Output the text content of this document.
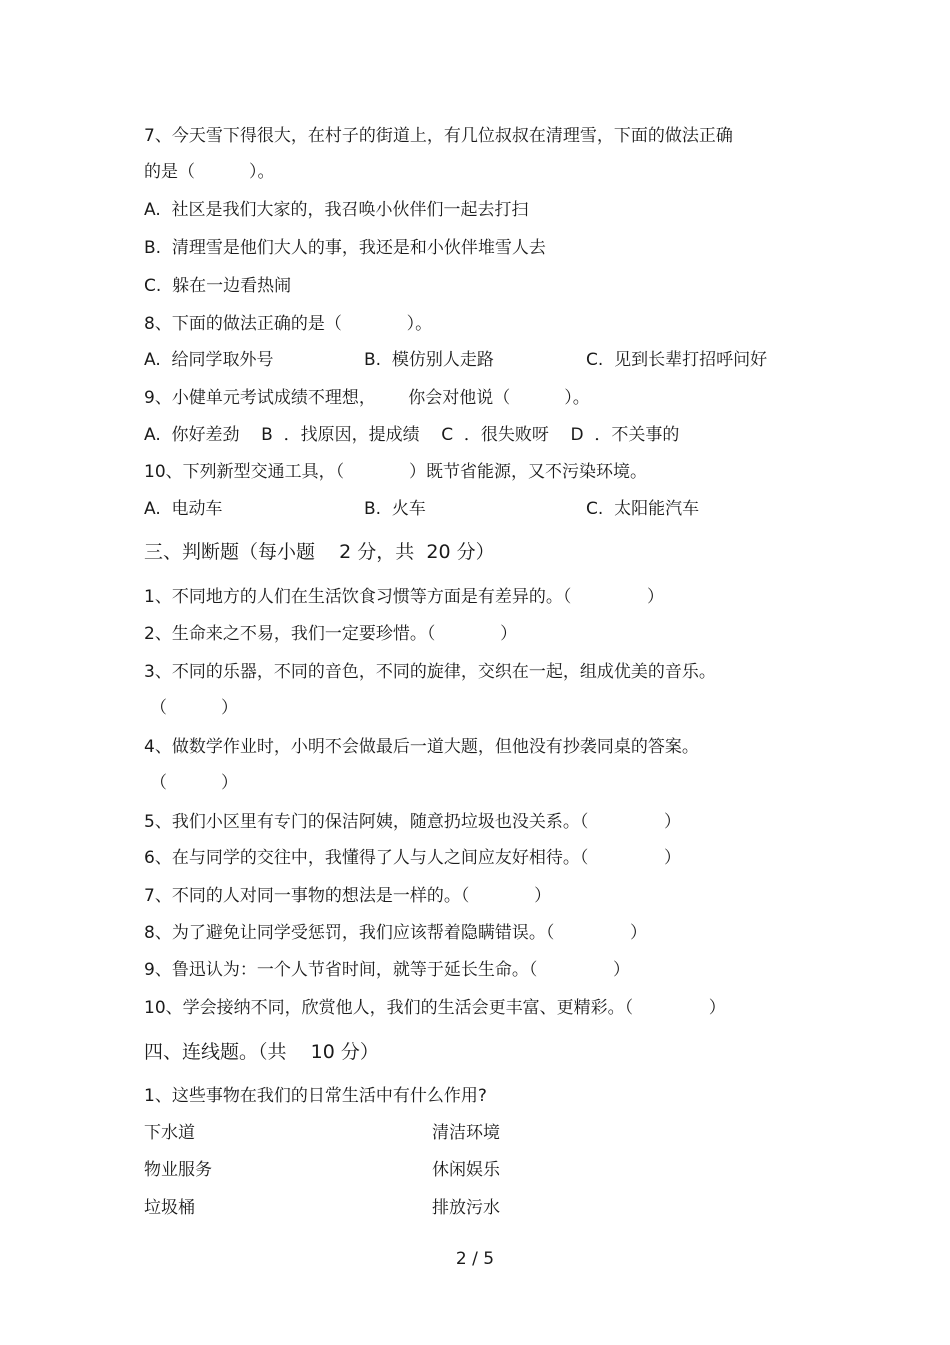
7、今天雪下得很大，在村子的街道上，有几位叔叔在清理雪，下面的做法正确
的是（          ）。
A.  社区是我们大家的，我召唤小伙伴们一起去打扫
B.  清理雪是他们大人的事，我还是和小伙伴堆雪人去
C.  躲在一边看热闹
8、下面的做法正确的是（            ）。
A.  给同学取外号	B.  模仿别人走路	C.  见到长辈打招呼问好
9、小健单元考试成绩不理想，      你会对他说（          ）。
A.  你好差劲    B  ．找原因，提成绩    C  ．很失败呀    D  ．不关事的
10、下列新型交通工具，（            ）既节省能源，又不污染环境。
A.  电动车	B.  火车	C.  太阳能汽车
三、判断题（每小题    2 分，共  20 分）
1、不同地方的人们在生活饮食习惯等方面是有差异的。（              ）
2、生命来之不易，我们一定要珍惜。（            ）
3、不同的乐器，不同的音色，不同的旋律，交织在一起，组成优美的音乐。
（          ）
4、做数学作业时，小明不会做最后一道大题，但他没有抄袭同桌的答案。
（          ）
5、我们小区里有专门的保洁阿姨，随意扔垃圾也没关系。（              ）
6、在与同学的交往中，我懂得了人与人之间应友好相待。（              ）
7、不同的人对同一事物的想法是一样的。（            ）
8、为了避免让同学受惩罚，我们应该帮着隐瞒错误。（              ）
9、鲁迅认为：一个人节省时间，就等于延长生命。（              ）
10、学会接纳不同，欣赏他人，我们的生活会更丰富、更精彩。（              ）
四、连线题。（共    10 分）
1、这些事物在我们的日常生活中有什么作用?
下水道	清洁环境
物业服务	休闲娱乐
垃圾桶	排放污水
2 / 5
